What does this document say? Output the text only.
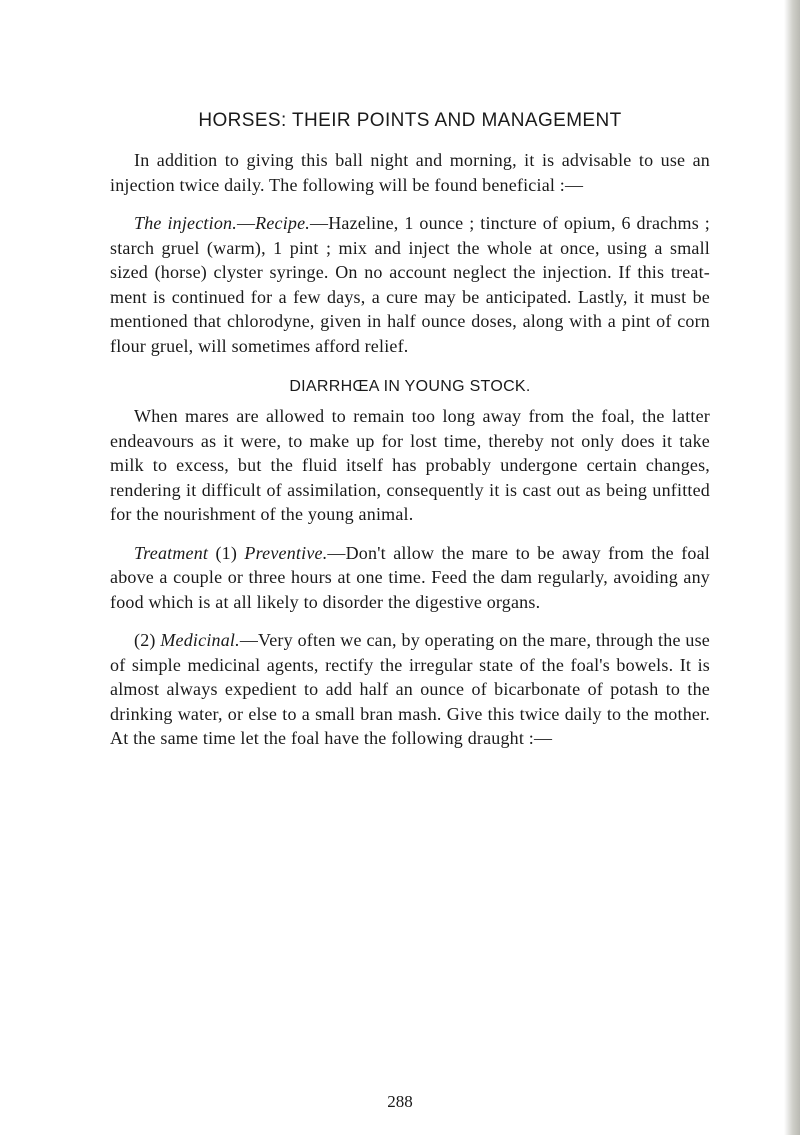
HORSES: THEIR POINTS AND MANAGEMENT

In addition to giving this ball night and morning, it is advisable to use an injection twice daily. The following will be found beneficial :—

The injection.—Recipe.—Hazeline, 1 ounce ; tincture of opium, 6 drachms ; starch gruel (warm), 1 pint ; mix and inject the whole at once, using a small sized (horse) clyster syringe. On no account neglect the injection. If this treat-ment is continued for a few days, a cure may be anticipated. Lastly, it must be mentioned that chlorodyne, given in half ounce doses, along with a pint of corn flour gruel, will sometimes afford relief.

DIARRHŒA IN YOUNG STOCK.

When mares are allowed to remain too long away from the foal, the latter endeavours as it were, to make up for lost time, thereby not only does it take milk to excess, but the fluid itself has probably undergone certain changes, rendering it difficult of assimilation, consequently it is cast out as being unfitted for the nourishment of the young animal.

Treatment (1) Preventive.—Don't allow the mare to be away from the foal above a couple or three hours at one time. Feed the dam regularly, avoiding any food which is at all likely to disorder the digestive organs.

(2) Medicinal.—Very often we can, by operating on the mare, through the use of simple medicinal agents, rectify the irregular state of the foal's bowels. It is almost always expedient to add half an ounce of bicarbonate of potash to the drinking water, or else to a small bran mash. Give this twice daily to the mother. At the same time let the foal have the following draught :—

288
